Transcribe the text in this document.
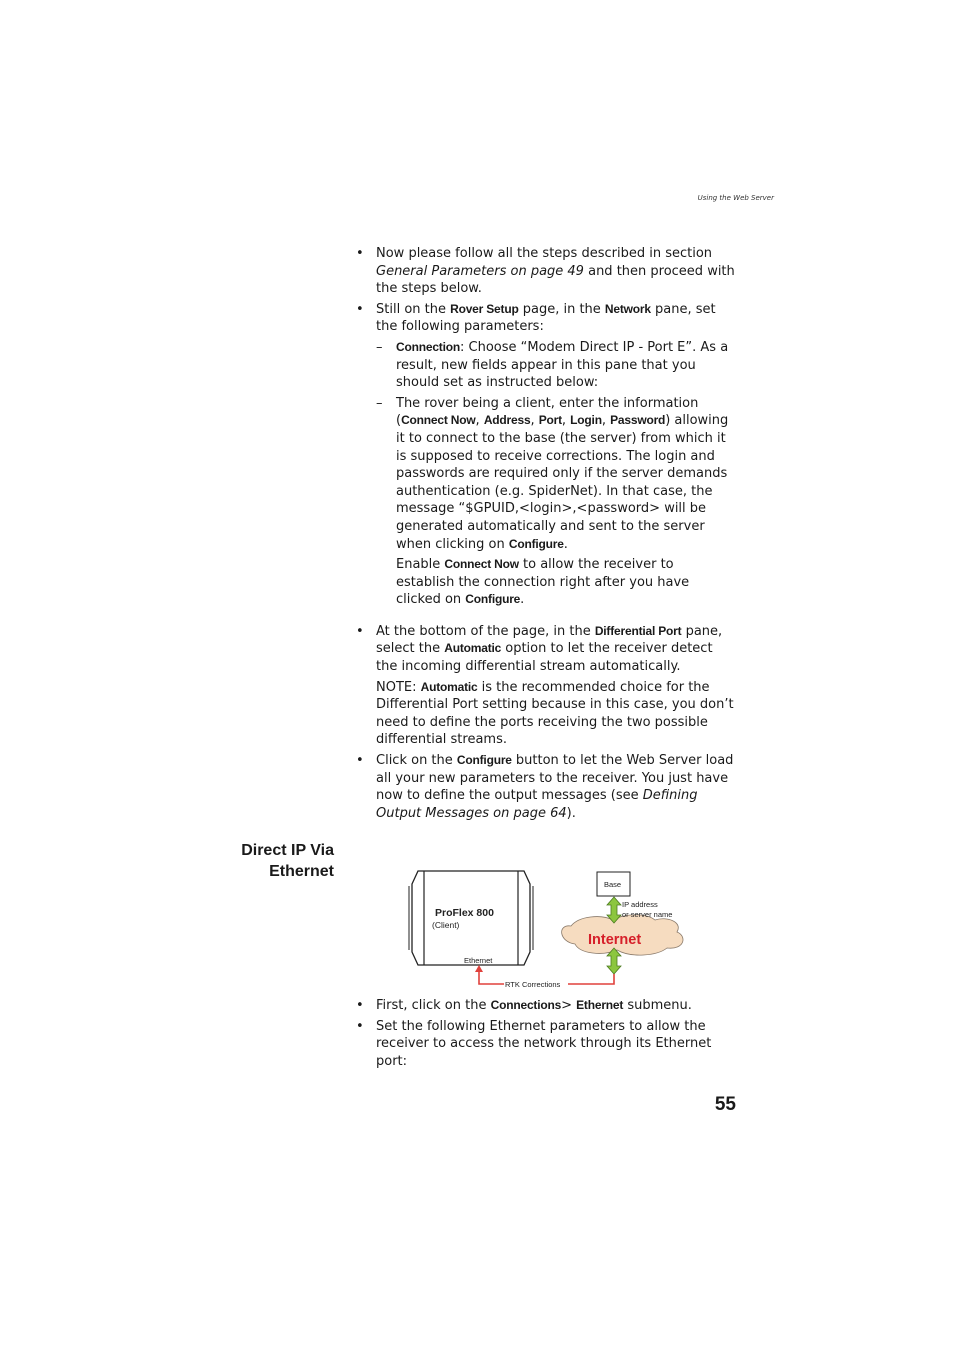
Using the Web Server
• Now please follow all the steps described in section General Parameters on page 49 and then proceed with the steps below.
• Still on the Rover Setup page, in the Network pane, set the following parameters:
– Connection: Choose “Modem Direct IP - Port E”. As a result, new fields appear in this pane that you should set as instructed below:
– The rover being a client, enter the information (Connect Now, Address, Port, Login, Password) allowing it to connect to the base (the server) from which it is supposed to receive corrections. The login and passwords are required only if the server demands authentication (e.g. SpiderNet). In that case, the message “$GPUID,<login>,<password> will be generated automatically and sent to the server when clicking on Configure.
Enable Connect Now to allow the receiver to establish the connection right after you have clicked on Configure.
• At the bottom of the page, in the Differential Port pane, select the Automatic option to let the receiver detect the incoming differential stream automatically.
NOTE: Automatic is the recommended choice for the Differential Port setting because in this case, you don’t need to define the ports receiving the two possible differential streams.
• Click on the Configure button to let the Web Server load all your new parameters to the receiver. You just have now to define the output messages (see Defining Output Messages on page 64).
Direct IP Via
Ethernet
ProFlex 800
(Client)
Ethernet
Base
Internet
IP address
or server name
RTK Corrections
• First, click on the Connections> Ethernet submenu.
• Set the following Ethernet parameters to allow the receiver to access the network through its Ethernet port:
55
